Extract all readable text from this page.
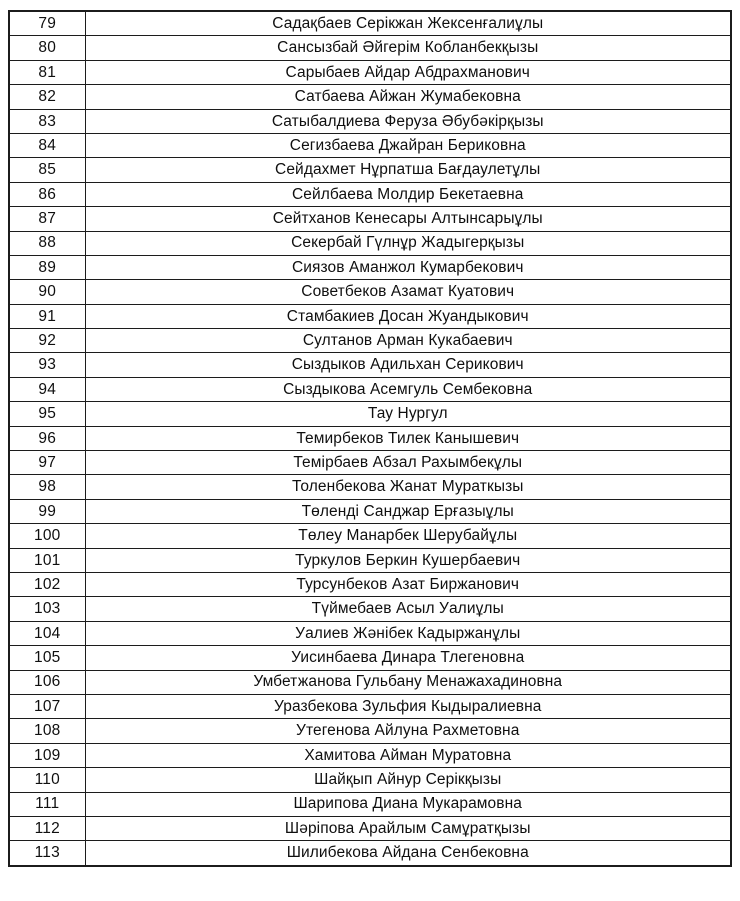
79	Садақбаев Серікжан Жексенғалиұлы
80	Сансызбай Әйгерім Кобланбекқызы
81	Сарыбаев Айдар Абдрахманович
82	Сатбаева Айжан Жумабековна
83	Сатыбалдиева Феруза Әбубәкірқызы
84	Сегизбаева Джайран Бериковна
85	Сейдахмет Нұрпатша Бағдаулетұлы
86	Сейлбаева Молдир Бекетаевна
87	Сейтханов Кенесары Алтынсарыұлы
88	Секербай Гүлнұр Жадыгерқызы
89	Сиязов Аманжол Кумарбекович
90	Советбеков Азамат Куатович
91	Стамбакиев Досан Жуандыкович
92	Султанов Арман Кукабаевич
93	Сыздыков Адильхан Серикович
94	Сыздыкова Асемгуль Сембековна
95	Тау Нургул
96	Темирбеков Тилек Канышевич
97	Темірбаев Абзал Рахымбекұлы
98	Толенбекова Жанат Мураткызы
99	Төленді Санджар Ерғазыұлы
100	Төлеу Манарбек Шерубайұлы
101	Туркулов Беркин Кушербаевич
102	Турсунбеков Азат Биржанович
103	Түймебаев Асыл Уалиұлы
104	Уалиев Жәнібек Кадыржанұлы
105	Уисинбаева Динара Тлегеновна
106	Умбетжанова Гульбану Менажахадиновна
107	Уразбекова Зульфия Кыдыралиевна
108	Утегенова Айлуна Рахметовна
109	Хамитова Айман Муратовна
110	Шайқып Айнур Серікқызы
111	Шарипова Диана Мукарамовна
112	Шәріпова Арайлым Самұратқызы
113	Шилибекова Айдана Сенбековна
